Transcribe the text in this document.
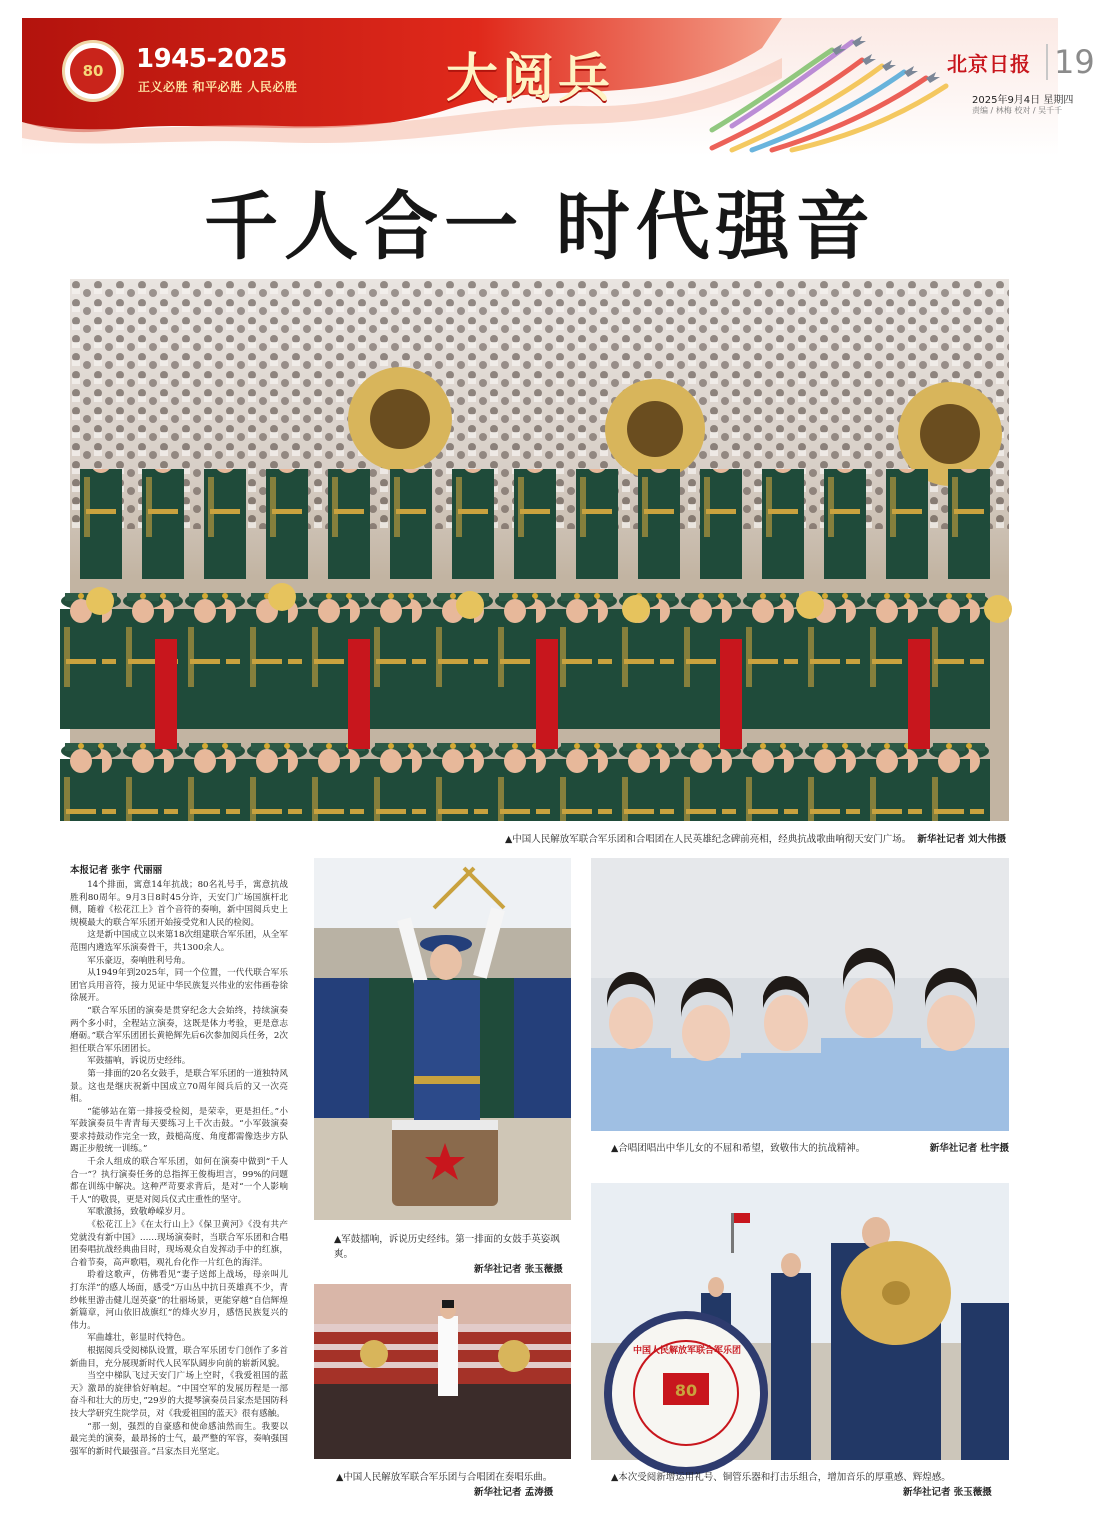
80	1945-2025
正义必胜 和平必胜 人民必胜	大阅兵	北京日报 19
2025年9月4日 星期四
责编 / 林梅 校对 / 吴千千
千人合一 时代强音
▲中国人民解放军联合军乐团和合唱团在人民英雄纪念碑前亮相，经典抗战歌曲响彻天安门广场。 新华社记者 刘大伟摄
本报记者 张宇 代丽丽

14个排面，寓意14年抗战；80名礼号手，寓意抗战胜利80周年。9月3日8时45分许，天安门广场国旗杆北侧，随着《松花江上》首个音符的奏响，新中国阅兵史上规模最大的联合军乐团开始接受党和人民的检阅。

这是新中国成立以来第18次组建联合军乐团，从全军范围内遴选军乐演奏骨干，共1300余人。

军乐豪迈，奏响胜利号角。

从1949年到2025年，同一个位置，一代代联合军乐团官兵用音符，接力见证中华民族复兴伟业的宏伟画卷徐徐展开。

“联合军乐团的演奏是贯穿纪念大会始终，持续演奏两个多小时，全程站立演奏，这既是体力考验，更是意志磨砺。”联合军乐团团长黄艳辉先后6次参加阅兵任务，2次担任联合军乐团团长。

军鼓擂响，诉说历史经纬。

第一排面的20名女鼓手，是联合军乐团的一道独特风景。这也是继庆祝新中国成立70周年阅兵后的又一次亮相。

“能够站在第一排接受检阅，是荣幸，更是担任。”小军鼓演奏员牛青青每天要练习上千次击鼓。“小军鼓演奏要求持鼓动作完全一致，鼓槌高度、角度都需像迭步方队踢正步般统一训练。”

千余人组成的联合军乐团，如何在演奏中做到“千人合一”？执行演奏任务的总指挥王俊梅坦言，99%的问题都在训练中解决。这种严苛要求背后，是对“一个人影响千人”的敬畏，更是对阅兵仪式庄重性的坚守。

军歌激扬，致敬峥嵘岁月。

《松花江上》《在太行山上》《保卫黄河》《没有共产党就没有新中国》……现场演奏时，当联合军乐团和合唱团奏唱抗战经典曲目时，现场观众自发挥动手中的红旗，合着节奏，高声歌唱，观礼台化作一片红色的海洋。

聆着这歌声，仿佛看见“妻子送郎上战场，母亲叫儿打东洋”的感人场面，感受“万山丛中抗日英雄真不少，青纱帐里游击健儿逞英豪”的壮丽场景，更能穿越“自信辉煌新篇章，河山依旧战旗红”的烽火岁月，感悟民族复兴的伟力。

军曲雄壮，彰显时代特色。

根据阅兵受阅梯队设置，联合军乐团专门创作了多首新曲目，充分展现新时代人民军队阔步向前的崭新风貌。

当空中梯队飞过天安门广场上空时，《我爱祖国的蓝天》激昂的旋律恰好响起。“中国空军的发展历程是一部奋斗和壮大的历史，”29岁的大提琴演奏员吕家杰是国防科技大学研究生院学员，对《我爱祖国的蓝天》很有感触。

“那一刻，强烈的自豪感和使命感油然而生。我要以最完美的演奏，最昂扬的士气，最严整的军容，奏响强国强军的新时代最强音。”吕家杰目光坚定。

▲军鼓擂响，诉说历史经纬。第一排面的女鼓手英姿飒爽。
新华社记者 张玉薇摄
▲合唱团唱出中华儿女的不屈和希望，致敬伟大的抗战精神。	新华社记者 杜宇摄
▲中国人民解放军联合军乐团与合唱团在奏唱乐曲。
新华社记者 孟涛摄
80
中国人民解放军联合军乐团
▲本次受阅新增运用礼号、铜管乐器和打击乐组合，增加音乐的厚重感、辉煌感。
新华社记者 张玉薇摄
